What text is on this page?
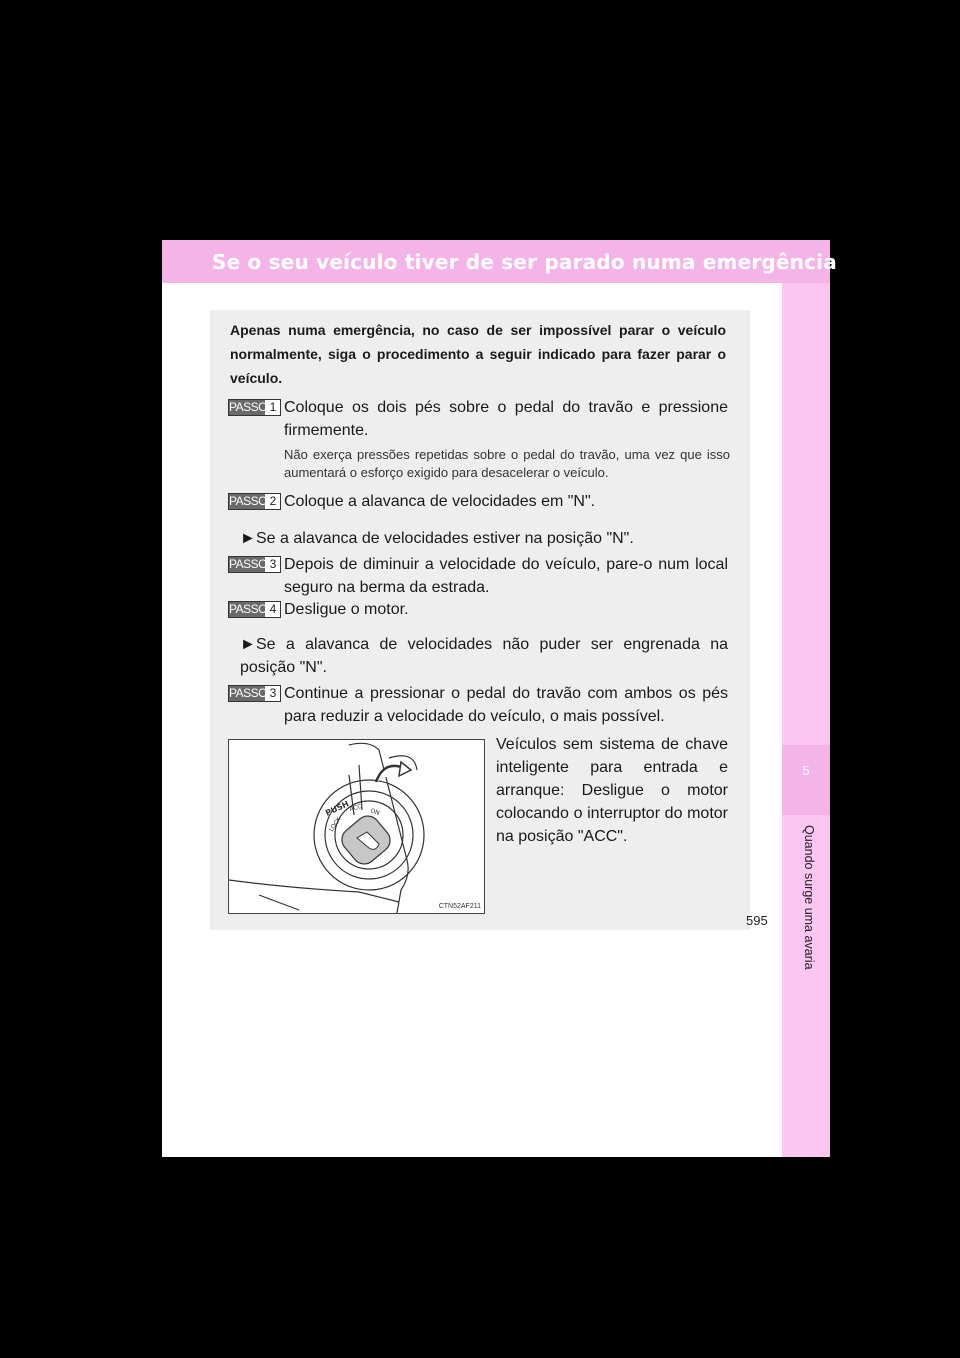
Se o seu veículo tiver de ser parado numa emergência
5
Quando surge uma avaria
Apenas numa emergência, no caso de ser impossível parar o veículo normalmente, siga o procedimento a seguir indicado para fazer parar o veículo.
PASSO 1 Coloque os dois pés sobre o pedal do travão e pressione firmemente.
Não exerça pressões repetidas sobre o pedal do travão, uma vez que isso aumentará o esforço exigido para desacelerar o veículo.
PASSO 2 Coloque a alavanca de velocidades em "N".
►Se a alavanca de velocidades estiver na posição "N".
PASSO 3 Depois de diminuir a velocidade do veículo, pare-o num local seguro na berma da estrada.
PASSO 4 Desligue o motor.
►Se a alavanca de velocidades não puder ser engrenada na posição "N".
PASSO 3 Continue a pressionar o pedal do travão com ambos os pés para reduzir a velocidade do veículo, o mais possível.
PUSH
LOCK
ACC ON
CTN52AF211
Veículos sem sistema de chave inteligente para entrada e arranque: Desligue o motor colocando o interruptor do motor na posição "ACC".
595
